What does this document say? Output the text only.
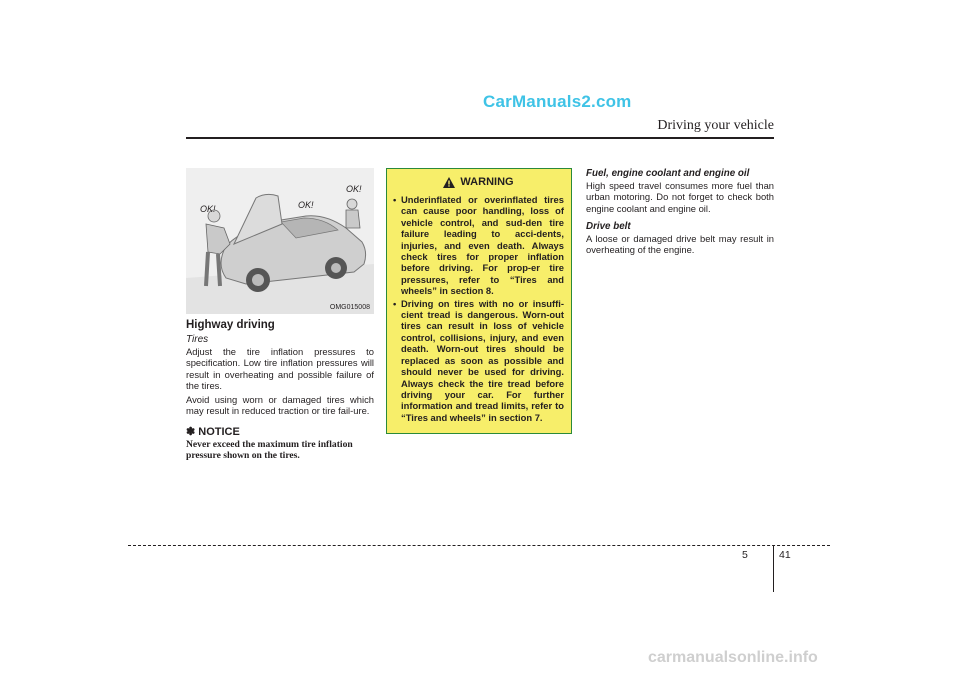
CarManuals2.com
Driving your vehicle
OK!	OK!
OK!
OMG015008

Highway driving

Tires

Adjust the tire inflation pressures to specification. Low tire inflation pressures will result in overheating and possible failure of the tires.

Avoid using worn or damaged tires which may result in reduced traction or tire fail-ure.

✽ NOTICE

Never exceed the maximum tire inflation pressure shown on the tires.

WARNING
• Underinflated or overinflated tires can cause poor handling, loss of vehicle control, and sud-den tire failure leading to acci-dents, injuries, and even death. Always check tires for proper inflation before driving. For prop-er tire pressures, refer to “Tires and wheels” in section 8.
• Driving on tires with no or insuffi-cient tread is dangerous. Worn-out tires can result in loss of vehicle control, collisions, injury, and even death. Worn-out tires should be replaced as soon as possible and should never be used for driving. Always check the tire tread before driving your car. For further information and tread limits, refer to “Tires and wheels” in section 7.

Fuel, engine coolant and engine oil

High speed travel consumes more fuel than urban motoring. Do not forget to check both engine coolant and engine oil.

Drive belt

A loose or damaged drive belt may result in overheating of the engine.

5	41
carmanualsonline.info
